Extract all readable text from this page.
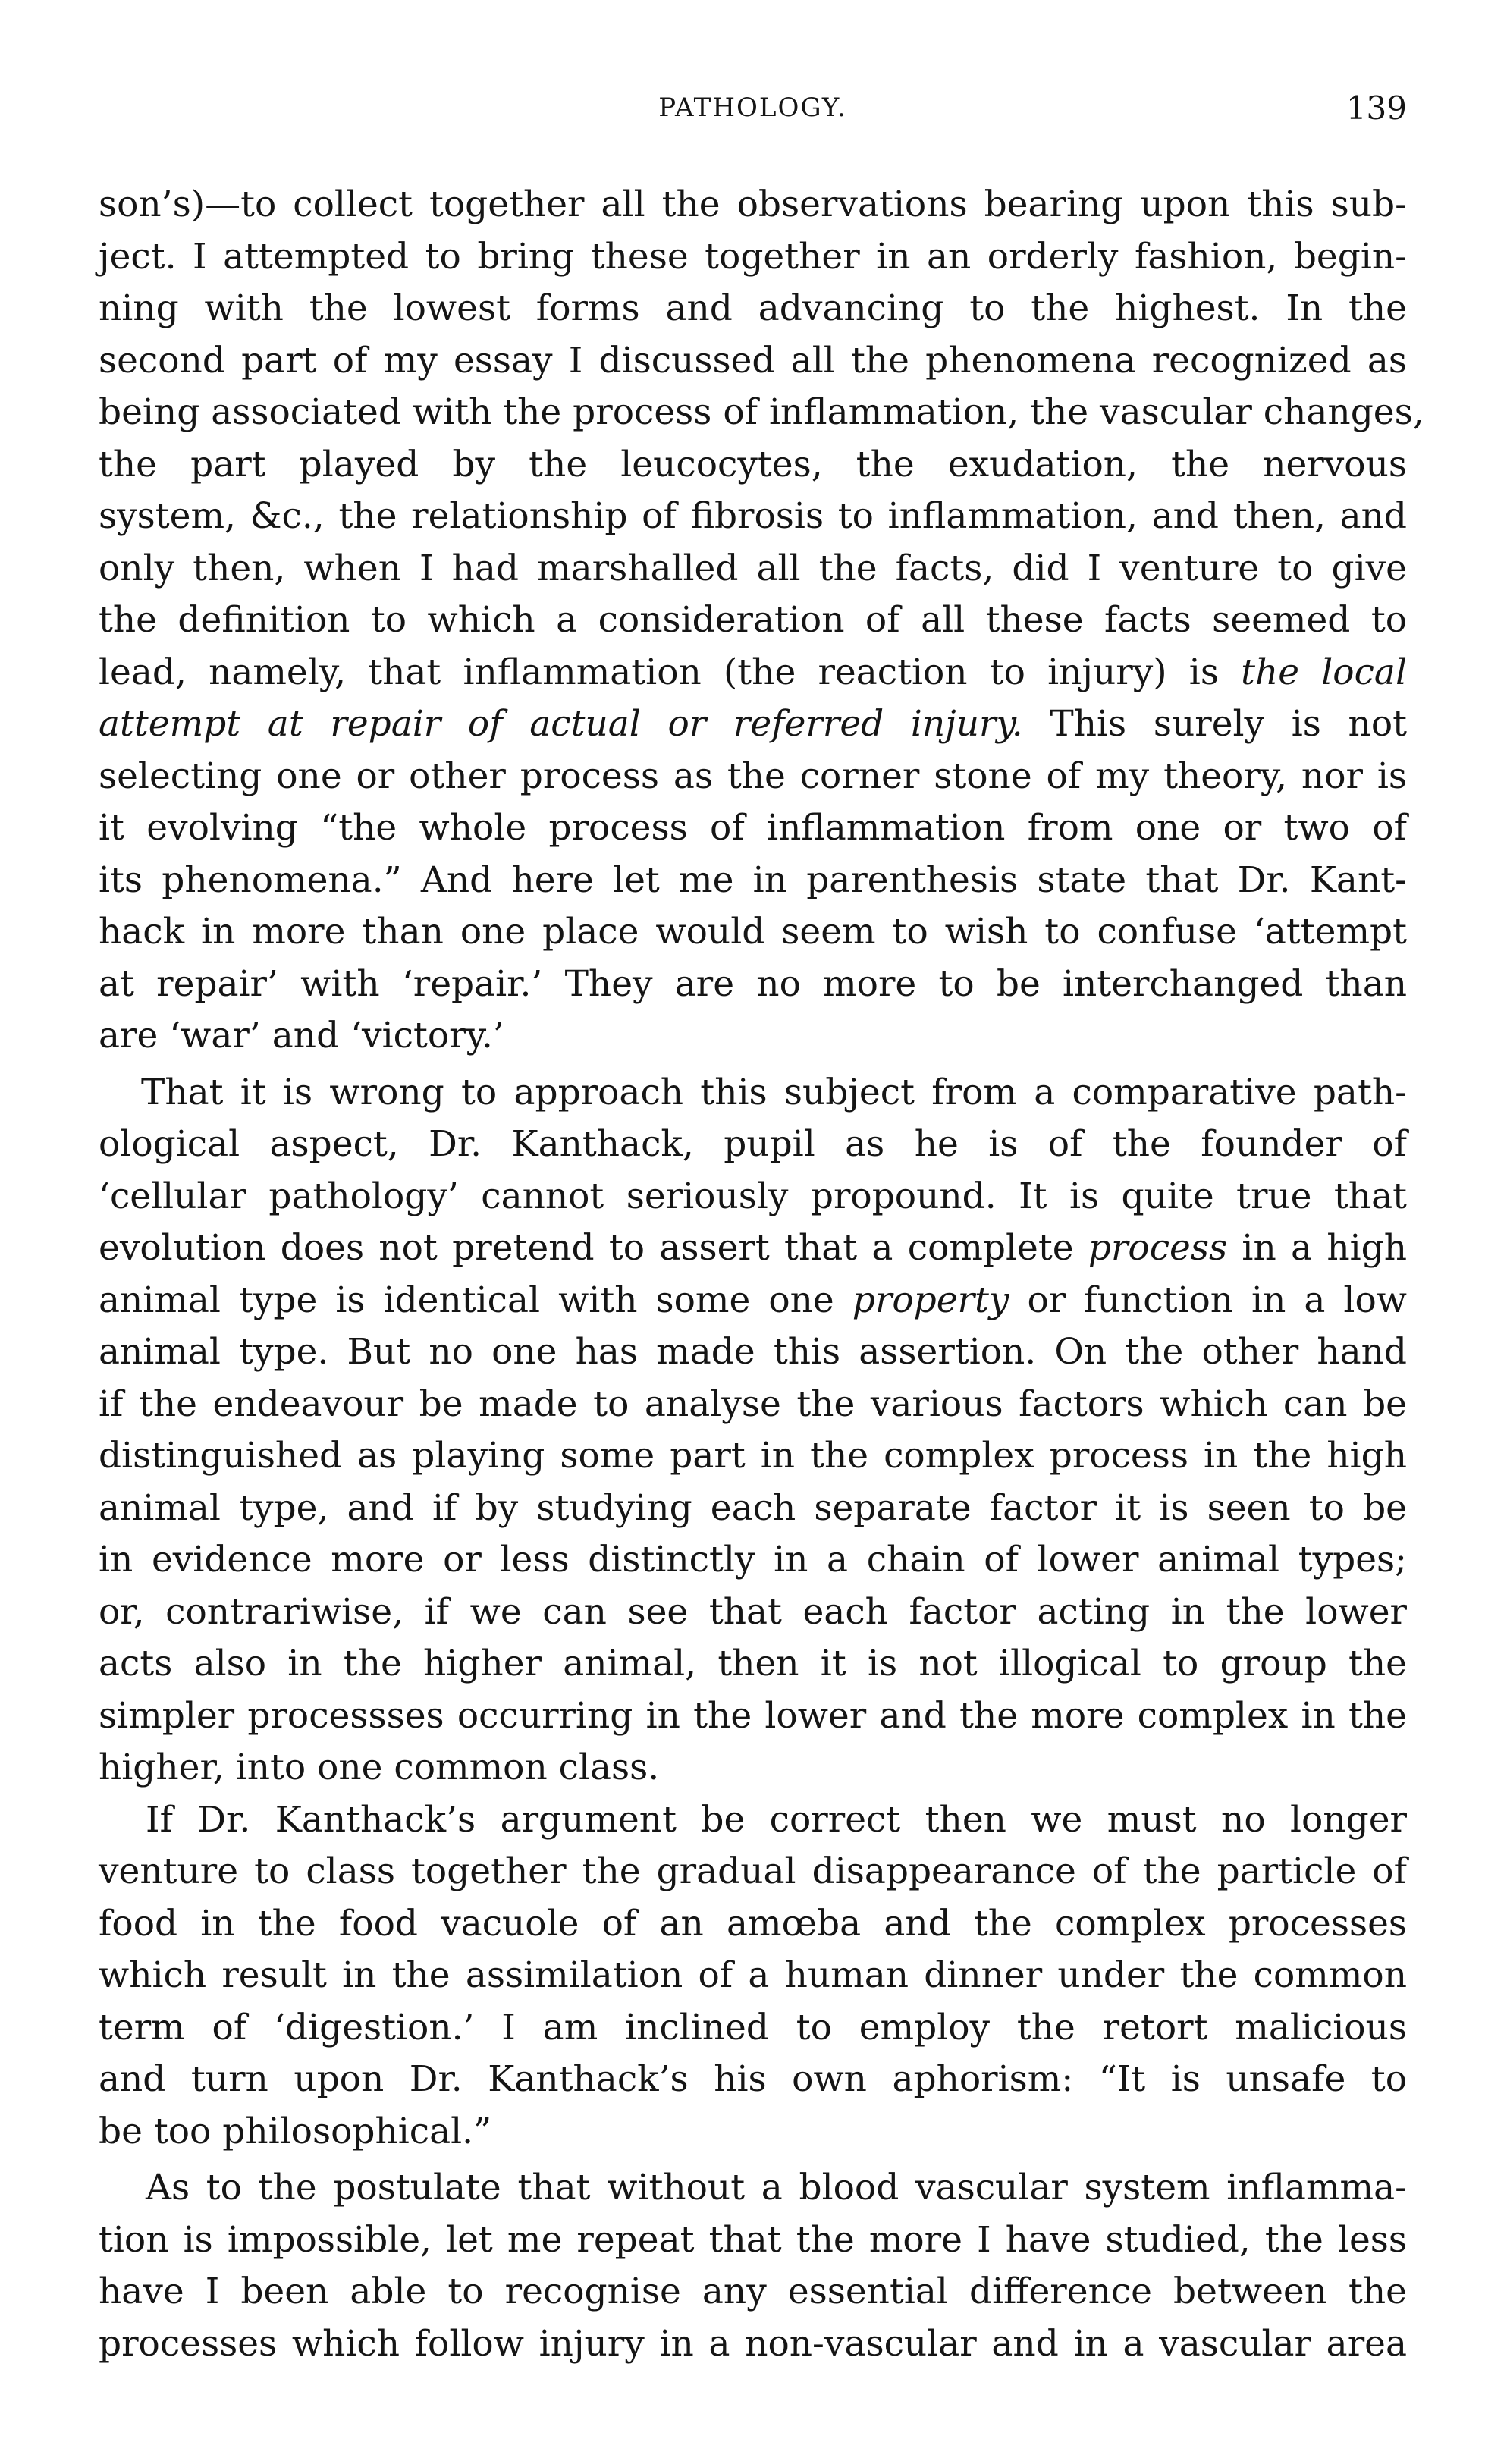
PATHOLOGY.	139
son’s)—to collect together all the observations bearing upon this sub-
ject. I attempted to bring these together in an orderly fashion, begin-
ning with the lowest forms and advancing to the highest. In the
second part of my essay I discussed all the phenomena recognized as
being associated with the process of inflammation, the vascular changes,
the part played by the leucocytes, the exudation, the nervous
system, &c., the relationship of fibrosis to inflammation, and then, and
only then, when I had marshalled all the facts, did I venture to give
the definition to which a consideration of all these facts seemed to
lead, namely, that inflammation (the reaction to injury) is the local
attempt at repair of actual or referred injury. This surely is not
selecting one or other process as the corner stone of my theory, nor is
it evolving “the whole process of inflammation from one or two of
its phenomena.” And here let me in parenthesis state that Dr. Kant-
hack in more than one place would seem to wish to confuse ‘attempt
at repair’ with ‘repair.’ They are no more to be interchanged than
are ‘war’ and ‘victory.’
That it is wrong to approach this subject from a comparative path-
ological aspect, Dr. Kanthack, pupil as he is of the founder of
‘cellular pathology’ cannot seriously propound. It is quite true that
evolution does not pretend to assert that a complete process in a high
animal type is identical with some one property or function in a low
animal type. But no one has made this assertion. On the other hand
if the endeavour be made to analyse the various factors which can be
distinguished as playing some part in the complex process in the high
animal type, and if by studying each separate factor it is seen to be
in evidence more or less distinctly in a chain of lower animal types;
or, contrariwise, if we can see that each factor acting in the lower
acts also in the higher animal, then it is not illogical to group the
simpler processses occurring in the lower and the more complex in the
higher, into one common class.
If Dr. Kanthack’s argument be correct then we must no longer
venture to class together the gradual disappearance of the particle of
food in the food vacuole of an amœba and the complex processes
which result in the assimilation of a human dinner under the common
term of ‘digestion.’ I am inclined to employ the retort malicious
and turn upon Dr. Kanthack’s his own aphorism: “It is unsafe to
be too philosophical.”
As to the postulate that without a blood vascular system inflamma-
tion is impossible, let me repeat that the more I have studied, the less
have I been able to recognise any essential difference between the
processes which follow injury in a non-vascular and in a vascular area
